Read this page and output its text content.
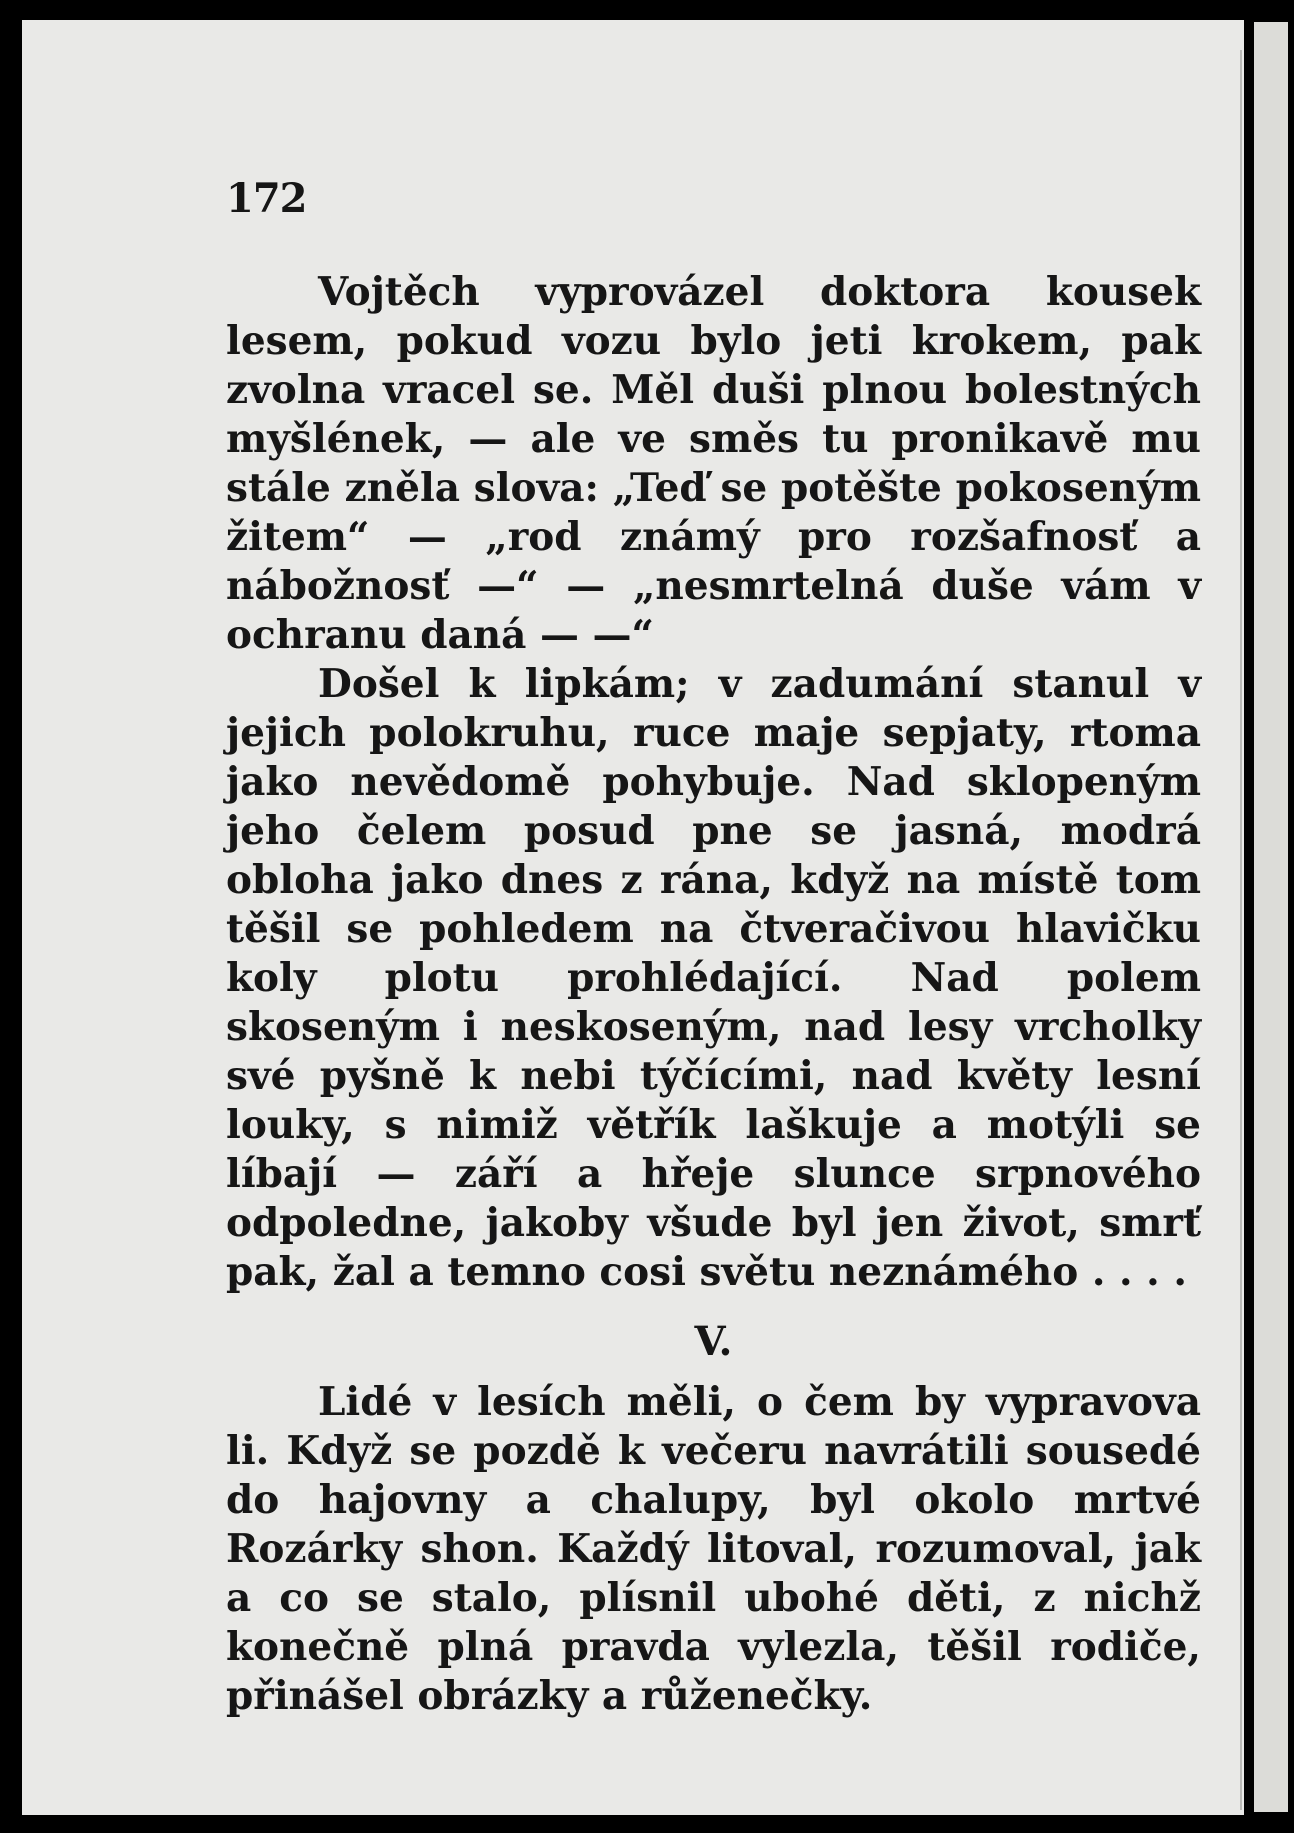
172

Vojtěch vyprovázel doktora kousek lesem, pokud vozu bylo jeti krokem, pak zvolna vracel se. Měl duši plnou bolestných myšlének, — ale ve směs tu pronikavě mu stále zněla slova: „Teď se potěšte pokoseným žitem“ — „rod známý pro rozšafnosť a nábožnosť —“ — „nesmrtelná duše vám v ochranu daná — —“

Došel k lipkám; v zadumání stanul v jejich polokruhu, ruce maje sepjaty, rtoma jako nevědomě pohybuje. Nad sklopeným jeho čelem posud pne se jasná, modrá obloha jako dnes z rána, když na místě tom těšil se pohledem na čtveračivou hlavičku koly plotu prohlédající. Nad polem skoseným i neskoseným, nad lesy vrcholky své pyšně k nebi týčícími, nad květy lesní louky, s nimiž větřík laškuje a motýli se líbají — září a hřeje slunce srpnového odpoledne, jakoby všude byl jen život, smrť pak, žal a temno cosi světu neznámého . . . .

V.

Lidé v lesích měli, o čem by vypravova li. Když se pozdě k večeru navrátili sousedé do hajovny a chalupy, byl okolo mrtvé Rozárky shon. Každý litoval, rozumoval, jak a co se stalo, plísnil ubohé děti, z nichž konečně plná pravda vylezla, těšil rodiče, přinášel obrázky a růženečky.
